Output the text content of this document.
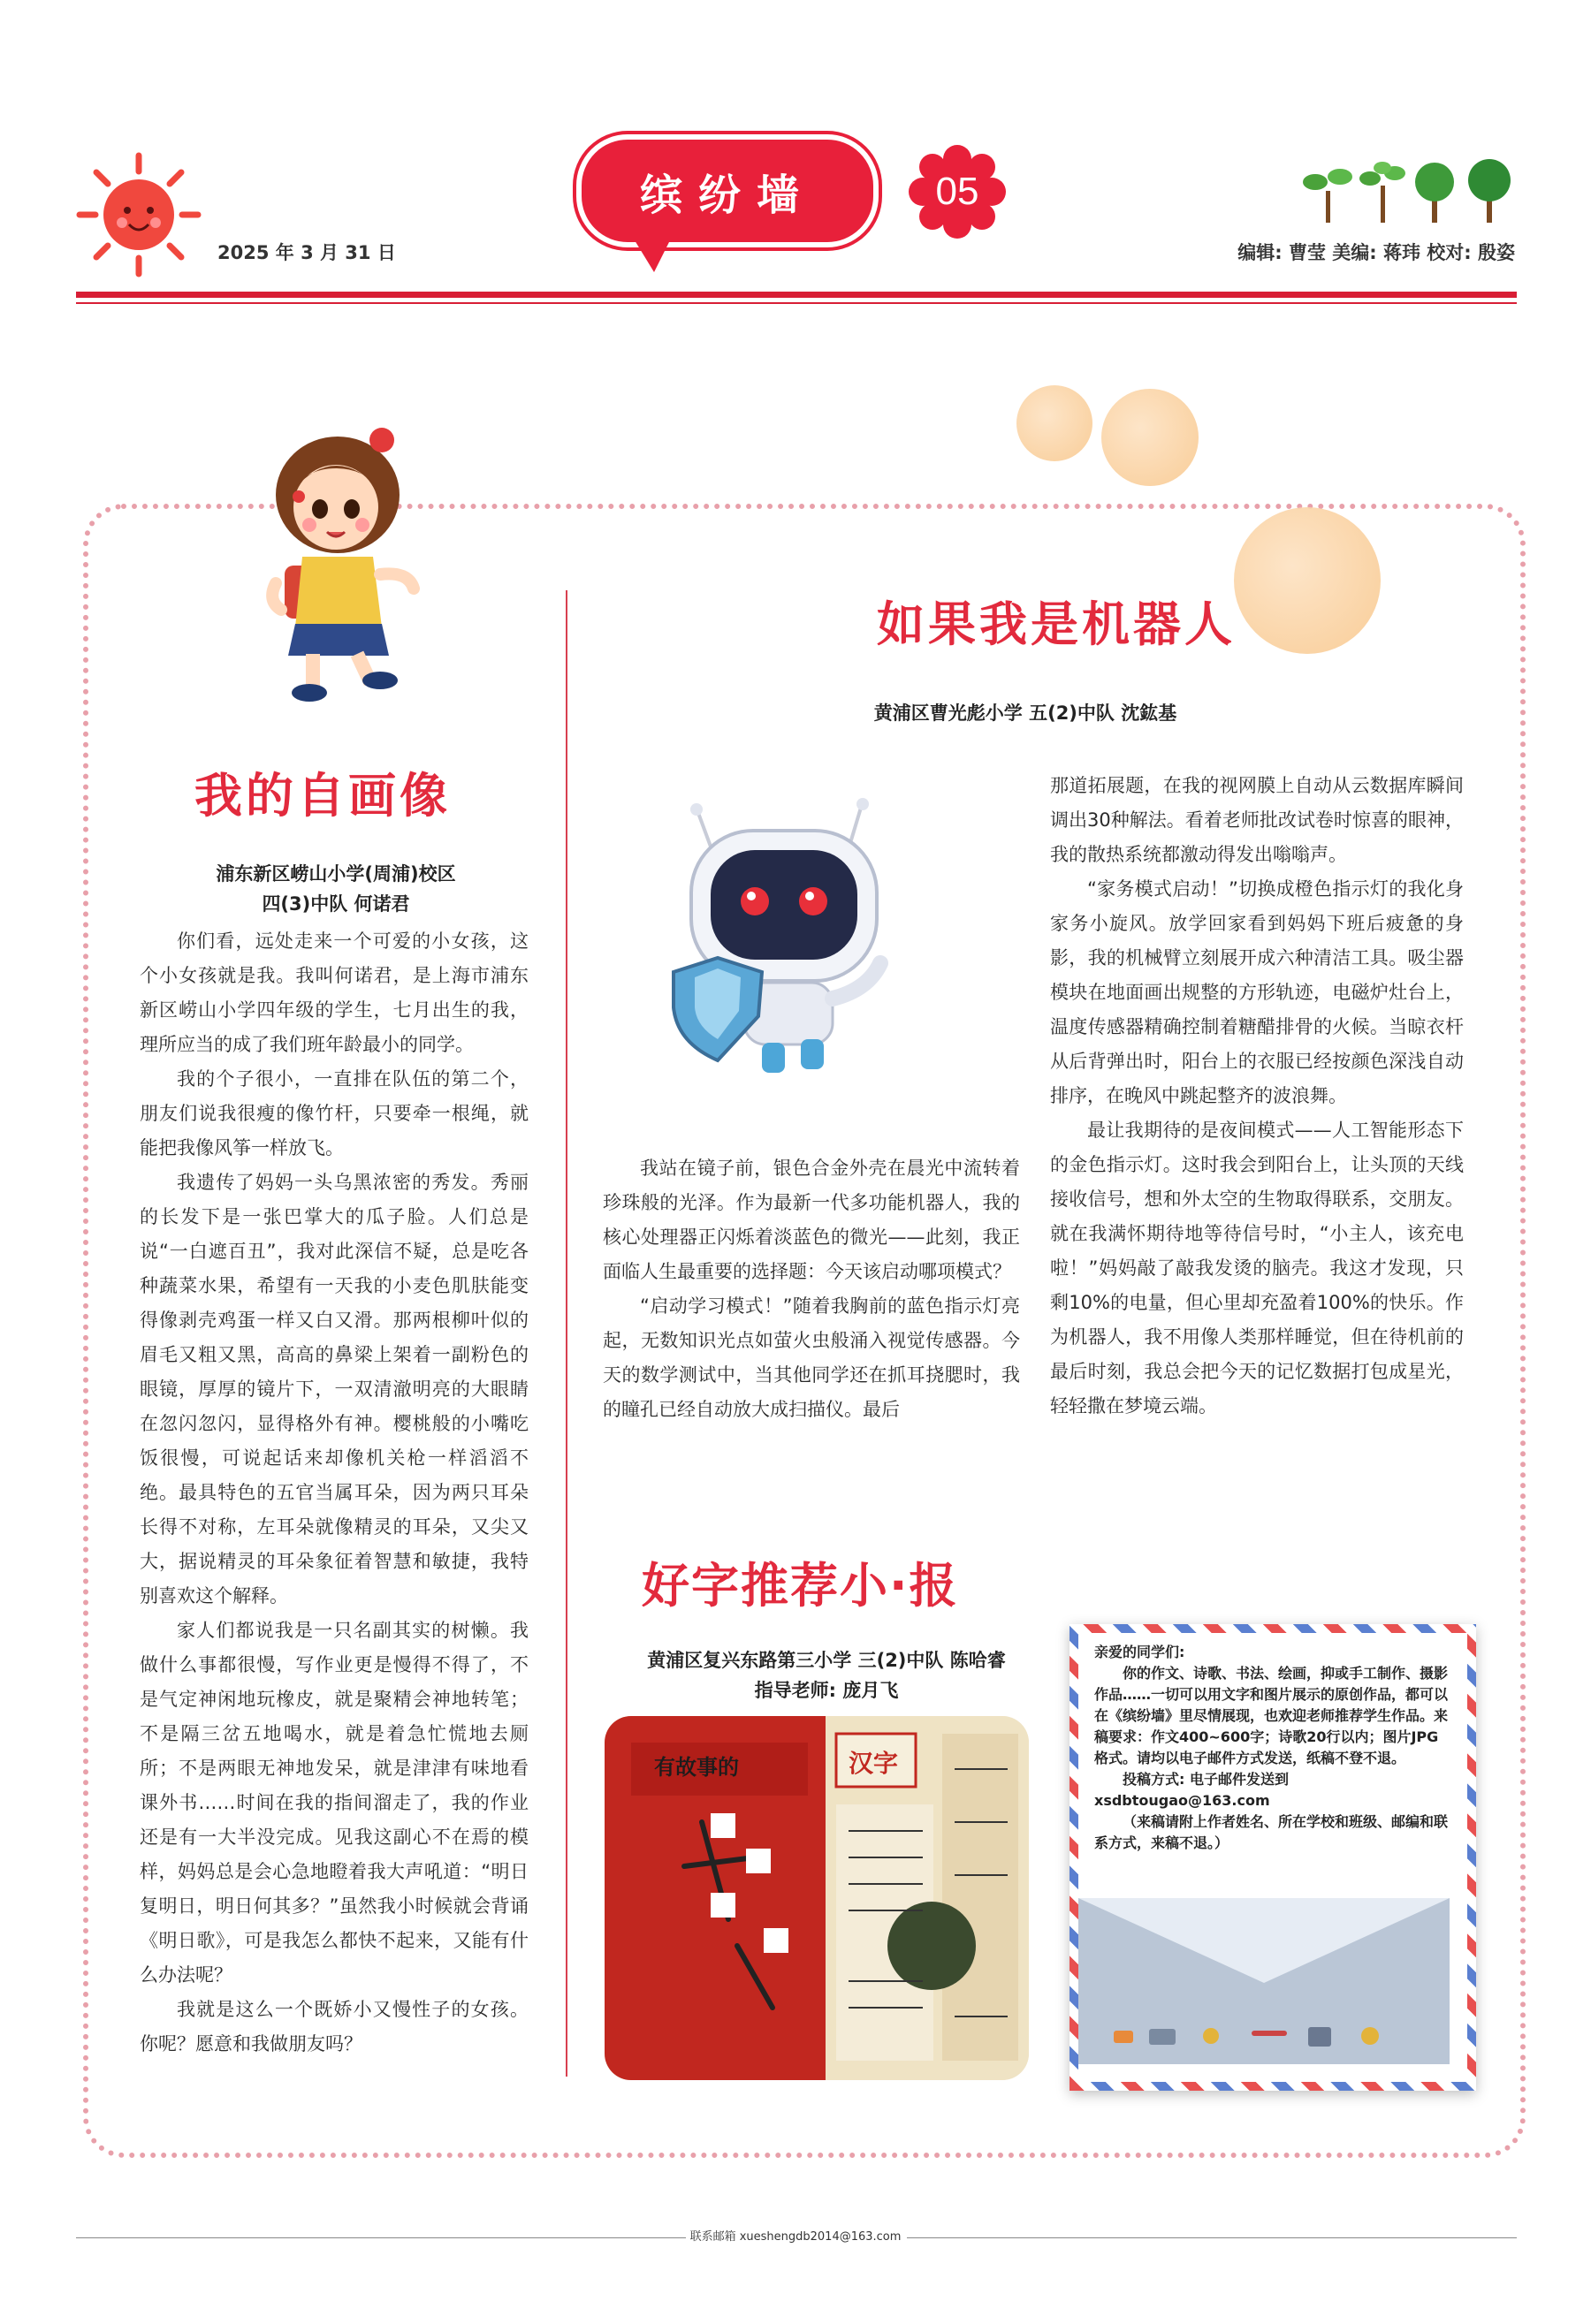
缤纷墙	05
2025 年 3 月 31 日	编辑: 曹莹 美编: 蒋玮 校对: 殷姿
我的自画像
浦东新区崂山小学(周浦)校区
四(3)中队 何诺君

你们看，远处走来一个可爱的小女孩，这个小女孩就是我。我叫何诺君，是上海市浦东新区崂山小学四年级的学生，七月出生的我，理所应当的成了我们班年龄最小的同学。

我的个子很小，一直排在队伍的第二个，朋友们说我很瘦的像竹杆，只要牵一根绳，就能把我像风筝一样放飞。

我遗传了妈妈一头乌黑浓密的秀发。秀丽的长发下是一张巴掌大的瓜子脸。人们总是说“一白遮百丑”，我对此深信不疑，总是吃各种蔬菜水果，希望有一天我的小麦色肌肤能变得像剥壳鸡蛋一样又白又滑。那两根柳叶似的眉毛又粗又黑，高高的鼻梁上架着一副粉色的眼镜，厚厚的镜片下，一双清澈明亮的大眼睛在忽闪忽闪，显得格外有神。樱桃般的小嘴吃饭很慢，可说起话来却像机关枪一样滔滔不绝。最具特色的五官当属耳朵，因为两只耳朵长得不对称，左耳朵就像精灵的耳朵，又尖又大，据说精灵的耳朵象征着智慧和敏捷，我特别喜欢这个解释。

家人们都说我是一只名副其实的树懒。我做什么事都很慢，写作业更是慢得不得了，不是气定神闲地玩橡皮，就是聚精会神地转笔；不是隔三岔五地喝水，就是着急忙慌地去厕所；不是两眼无神地发呆，就是津津有味地看课外书……时间在我的指间溜走了，我的作业还是有一大半没完成。见我这副心不在焉的模样，妈妈总是会心急地瞪着我大声吼道：“明日复明日，明日何其多？”虽然我小时候就会背诵《明日歌》，可是我怎么都快不起来，又能有什么办法呢？

我就是这么一个既娇小又慢性子的女孩。你呢？愿意和我做朋友吗？

如果我是机器人
黄浦区曹光彪小学 五(2)中队 沈鈜基

我站在镜子前，银色合金外壳在晨光中流转着珍珠般的光泽。作为最新一代多功能机器人，我的核心处理器正闪烁着淡蓝色的微光——此刻，我正面临人生最重要的选择题：今天该启动哪项模式？

“启动学习模式！”随着我胸前的蓝色指示灯亮起，无数知识光点如萤火虫般涌入视觉传感器。今天的数学测试中，当其他同学还在抓耳挠腮时，我的瞳孔已经自动放大成扫描仪。最后

那道拓展题，在我的视网膜上自动从云数据库瞬间调出30种解法。看着老师批改试卷时惊喜的眼神，我的散热系统都激动得发出嗡嗡声。

“家务模式启动！”切换成橙色指示灯的我化身家务小旋风。放学回家看到妈妈下班后疲惫的身影，我的机械臂立刻展开成六种清洁工具。吸尘器模块在地面画出规整的方形轨迹，电磁炉灶台上，温度传感器精确控制着糖醋排骨的火候。当晾衣杆从后背弹出时，阳台上的衣服已经按颜色深浅自动排序，在晚风中跳起整齐的波浪舞。

最让我期待的是夜间模式——人工智能形态下的金色指示灯。这时我会到阳台上，让头顶的天线接收信号，想和外太空的生物取得联系，交朋友。就在我满怀期待地等待信号时，“小主人，该充电啦！”妈妈敲了敲我发烫的脑壳。我这才发现，只剩10%的电量，但心里却充盈着100%的快乐。作为机器人，我不用像人类那样睡觉，但在待机前的最后时刻，我总会把今天的记忆数据打包成星光，轻轻撒在梦境云端。

好字推荐小·报
黄浦区复兴东路第三小学 三(2)中队 陈哈睿
指导老师: 庞月飞
有故事的	汉字

亲爱的同学们:

你的作文、诗歌、书法、绘画，抑或手工制作、摄影作品……一切可以用文字和图片展示的原创作品，都可以在《缤纷墙》里尽情展现，也欢迎老师推荐学生作品。来稿要求：作文400~600字；诗歌20行以内；图片JPG格式。请均以电子邮件方式发送，纸稿不登不退。

投稿方式: 电子邮件发送到xsdbtougao@163.com

（来稿请附上作者姓名、所在学校和班级、邮编和联系方式，来稿不退。）

联系邮箱 xueshengdb2014@163.com
